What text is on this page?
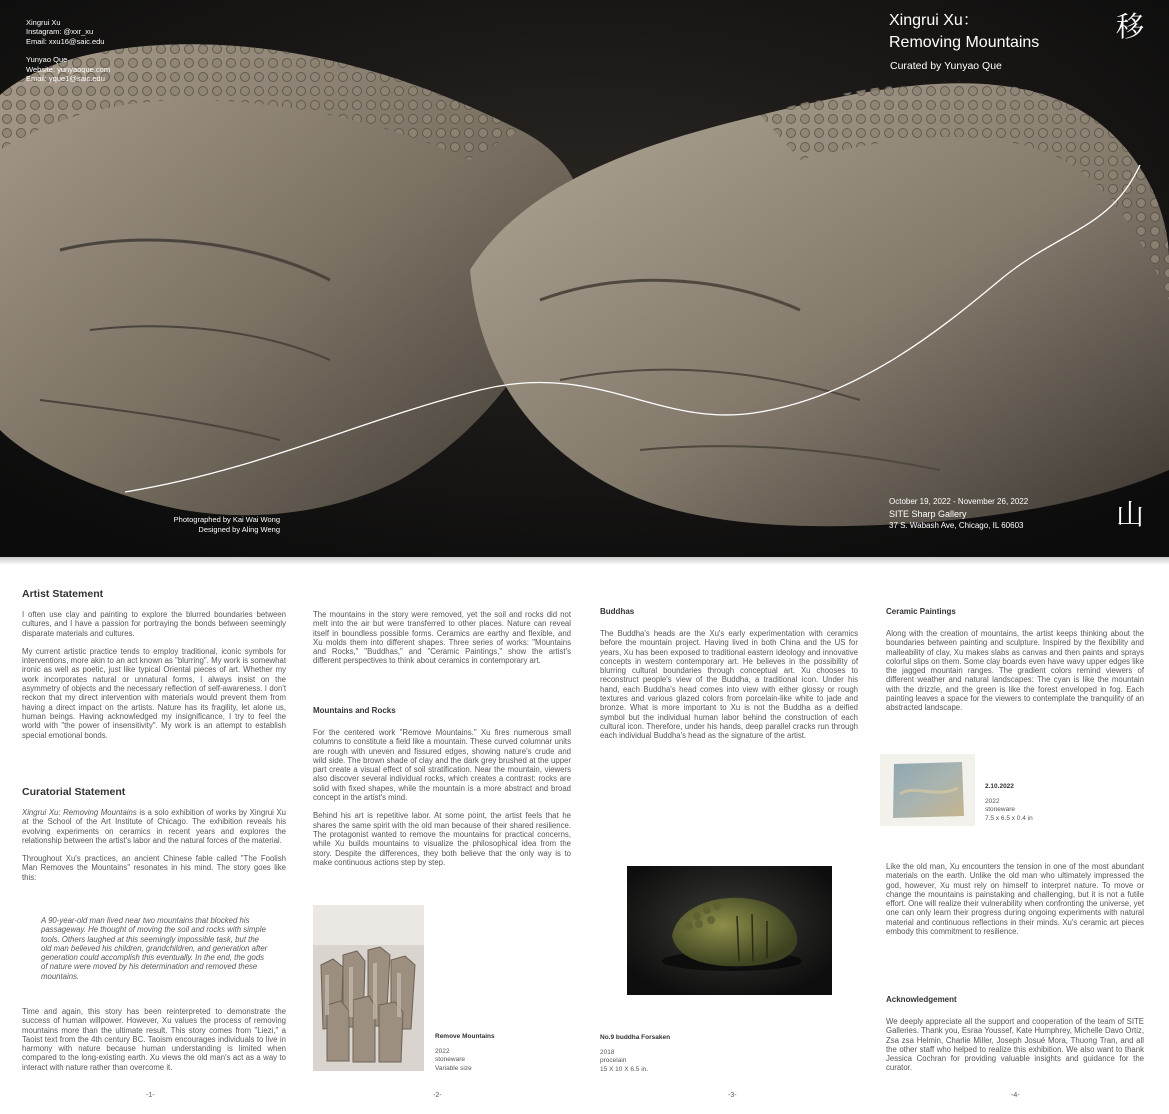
Xingrui Xu
Instagram: @xxr_xu
Email: xxu16@saic.edu
Yunyao Que
Website: yunyaoque.com
Email: yque1@saic.edu
Xingrui Xu：
Removing Mountains
Curated by Yunyao Que
移
山
Photographed by Kai Wai Wong
Designed by Aling Weng
October 19, 2022 - November 26, 2022
SITE Sharp Gallery
37 S. Wabash Ave, Chicago, IL 60603
Artist Statement

I often use clay and painting to explore the blurred boundaries between cultures, and I have a passion for portraying the bonds between seemingly disparate materials and cultures.

My current artistic practice tends to employ traditional, iconic symbols for interventions, more akin to an act known as "blurring". My work is somewhat ironic as well as poetic, just like typical Oriental pieces of art. Whether my work incorporates natural or unnatural forms, I always insist on the asymmetry of objects and the necessary reflection of self-awareness. I don't reckon that my direct intervention with materials would prevent them from having a direct impact on the artists. Nature has its fragility, let alone us, human beings. Having acknowledged my insignificance, I try to feel the world with "the power of insensitivity". My work is an attempt to establish special emotional bonds.

Curatorial Statement

Xingrui Xu: Removing Mountains is a solo exhibition of works by Xingrui Xu at the School of the Art Institute of Chicago. The exhibition reveals his evolving experiments on ceramics in recent years and explores the relationship between the artist's labor and the natural forces of the material.

Throughout Xu's practices, an ancient Chinese fable called "The Foolish Man Removes the Mountains" resonates in his mind. The story goes like this:

A 90-year-old man lived near two mountains that blocked his passageway. He thought of moving the soil and rocks with simple tools. Others laughed at this seemingly impossible task, but the old man believed his children, grandchildren, and generation after generation could accomplish this eventually. In the end, the gods of nature were moved by his determination and removed these mountains.

Time and again, this story has been reinterpreted to demonstrate the success of human willpower. However, Xu values the process of removing mountains more than the ultimate result. This story comes from "Liezi," a Taoist text from the 4th century BC. Taoism encourages individuals to live in harmony with nature because human understanding is limited when compared to the long-existing earth. Xu views the old man's act as a way to interact with nature rather than overcome it.

-1-

The mountains in the story were removed, yet the soil and rocks did not melt into the air but were transferred to other places. Nature can reveal itself in boundless possible forms. Ceramics are earthy and flexible, and Xu molds them into different shapes. Three series of works: "Mountains and Rocks," "Buddhas," and "Ceramic Paintings," show the artist's different perspectives to think about ceramics in contemporary art.

Mountains and Rocks

For the centered work "Remove Mountains." Xu fires numerous small columns to constitute a field like a mountain. These curved columnar units are rough with uneven and fissured edges, showing nature's crude and wild side. The brown shade of clay and the dark grey brushed at the upper part create a visual effect of soil stratification. Near the mountain, viewers also discover several individual rocks, which creates a contrast: rocks are solid with fixed shapes, while the mountain is a more abstract and broad concept in the artist's mind.

Behind his art is repetitive labor. At some point, the artist feels that he shares the same spirit with the old man because of their shared resilience. The protagonist wanted to remove the mountains for practical concerns, while Xu builds mountains to visualize the philosophical idea from the story. Despite the differences, they both believe that the only way is to make continuous actions step by step.

Remove Mountains
2022
stoneware
Variable size
-2-
Buddhas

The Buddha's heads are the Xu's early experimentation with ceramics before the mountain project. Having lived in both China and the US for years, Xu has been exposed to traditional eastern ideology and innovative concepts in western contemporary art. He believes in the possibility of blurring cultural boundaries through conceptual art. Xu chooses to reconstruct people's view of the Buddha, a traditional icon. Under his hand, each Buddha's head comes into view with either glossy or rough textures and various glazed colors from porcelain-like white to jade and bronze. What is more important to Xu is not the Buddha as a deified symbol but the individual human labor behind the construction of each cultural icon. Therefore, under his hands, deep parallel cracks run through each individual Buddha's head as the signature of the artist.

No.9 buddha Forsaken
2018
procelain
15 X 10 X 6.5 in.
-3-
Ceramic Paintings

Along with the creation of mountains, the artist keeps thinking about the boundaries between painting and sculpture. Inspired by the flexibility and malleability of clay, Xu makes slabs as canvas and then paints and sprays colorful slips on them. Some clay boards even have wavy upper edges like the jagged mountain ranges. The gradient colors remind viewers of different weather and natural landscapes: The cyan is like the mountain with the drizzle, and the green is like the forest enveloped in fog. Each painting leaves a space for the viewers to contemplate the tranquility of an abstracted landscape.

2.10.2022
2022
stoneware
7.5 x 6.5 x 0.4 in

Like the old man, Xu encounters the tension in one of the most abundant materials on the earth. Unlike the old man who ultimately impressed the god, however, Xu must rely on himself to interpret nature. To move or change the mountains is painstaking and challenging, but it is not a futile effort. One will realize their vulnerability when confronting the universe, yet one can only learn their progress during ongoing experiments with natural material and continuous reflections in their minds. Xu's ceramic art pieces embody this commitment to resilience.

Acknowledgement

We deeply appreciate all the support and cooperation of the team of SITE Galleries. Thank you, Esraa Youssef, Kate Humphrey, Michelle Davo Ortiz, Zsa zsa Helmin, Charlie Miller, Joseph Josué Mora, Thuong Tran, and all the other staff who helped to realize this exhibition. We also want to thank Jessica Cochran for providing valuable insights and guidance for the curator.

-4-
